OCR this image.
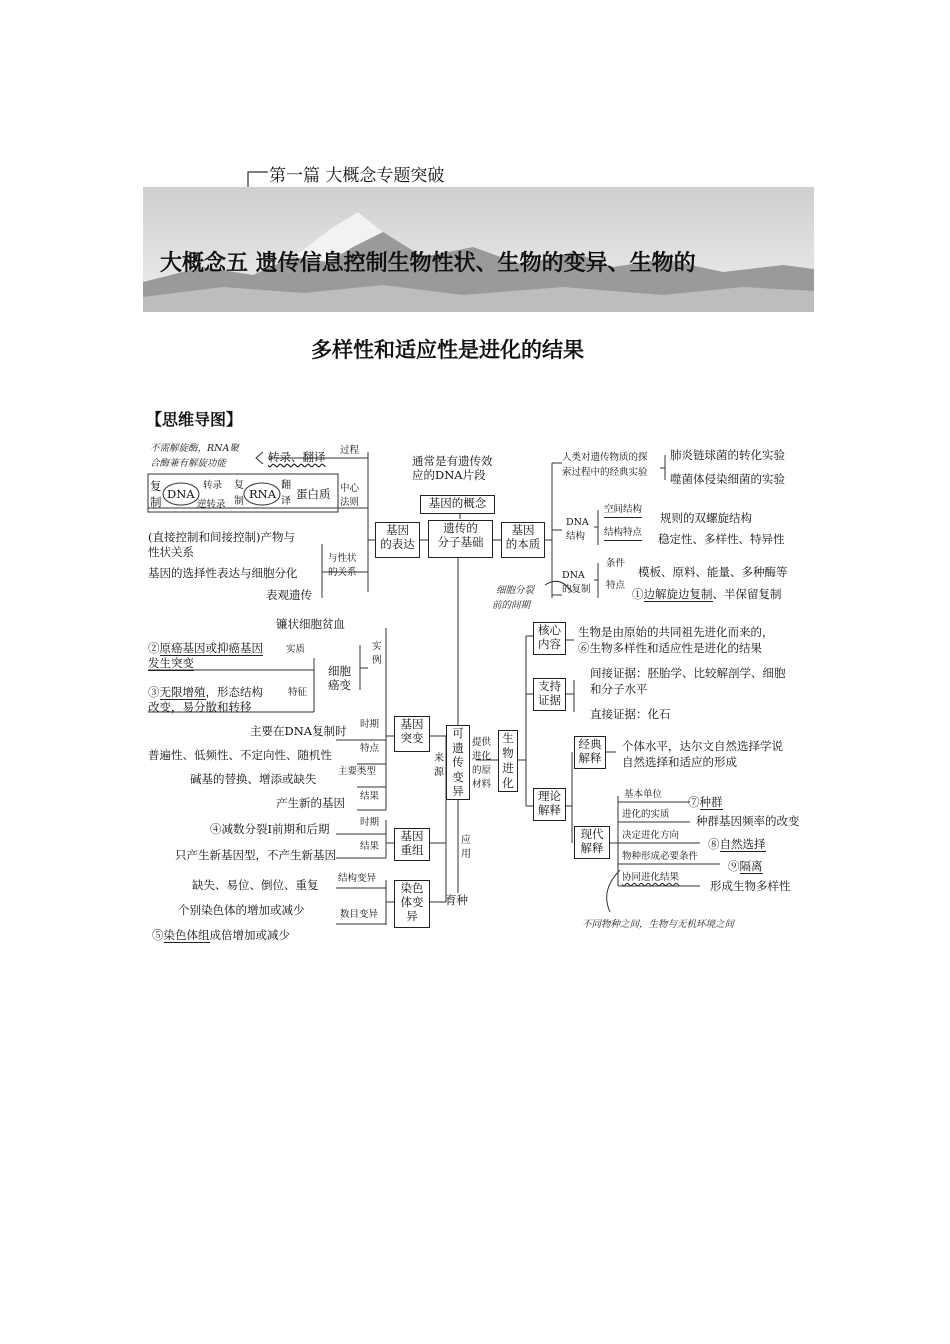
第一篇 大概念专题突破
大概念五 遗传信息控制生物性状、生物的变异、生物的
多样性和适应性是进化的结果
【思维导图】
遗传的
分子基础
基因的概念
通常是有遗传效
应的DNA片段
基因
的表达
基因
的本质
可
遗
传
变
异
生
物
进
化
基因
突变
基因
重组
染色
体变
异
育种
来源
应用
提供
进化
的原
材料
过程
转录、翻译
不需解旋酶，RNA聚
合酶兼有解旋功能
中心
法则
复
制
DNA
转录
逆转录
复
制
RNA
翻
译
蛋白质
(直接控制和间接控制)产物与
性状关系
基因的选择性表达与细胞分化
表观遗传
与性状
的关系
人类对遗传物质的探
索过程中的经典实验
肺炎链球菌的转化实验
噬菌体侵染细菌的实验
DNA
结构
空间结构
规则的双螺旋结构
结构特点 稳定性、多样性、特异性
DNA
的复制
条件
特点
模板、原料、能量、多种酶等
①边解旋边复制、半保留复制
细胞分裂
前的间期
镰状细胞贫血
实
例
②原癌基因或抑癌基因
发生突变
实质
细胞
癌变
③无限增殖，形态结构
改变，易分散和转移
特征
主要在DNA复制时 时期
普遍性、低频性、不定向性、随机性	特点
碱基的替换、增添或缺失
主要类型
产生新的基因 结果
④减数分裂Ⅰ前期和后期	时期
只产生新基因型，不产生新基因
结果
缺失、易位、倒位、重复 结构变异
个别染色体的增加或减少	数目变异
⑤染色体组成倍增加或减少
核心
内容
生物是由原始的共同祖先进化而来的，
⑥生物多样性和适应性是进化的结果
支持
证据
间接证据：胚胎学、比较解剖学、细胞
和分子水平
直接证据：化石
理论
解释
经典
解释
个体水平，达尔文自然选择学说
自然选择和适应的形成
现代
解释
基本单位
⑦种群
进化的实质 种群基因频率的改变
决定进化方向
⑧自然选择
物种形成必要条件
⑨隔离
协同进化结果
形成生物多样性
不同物种之间，生物与无机环境之间
